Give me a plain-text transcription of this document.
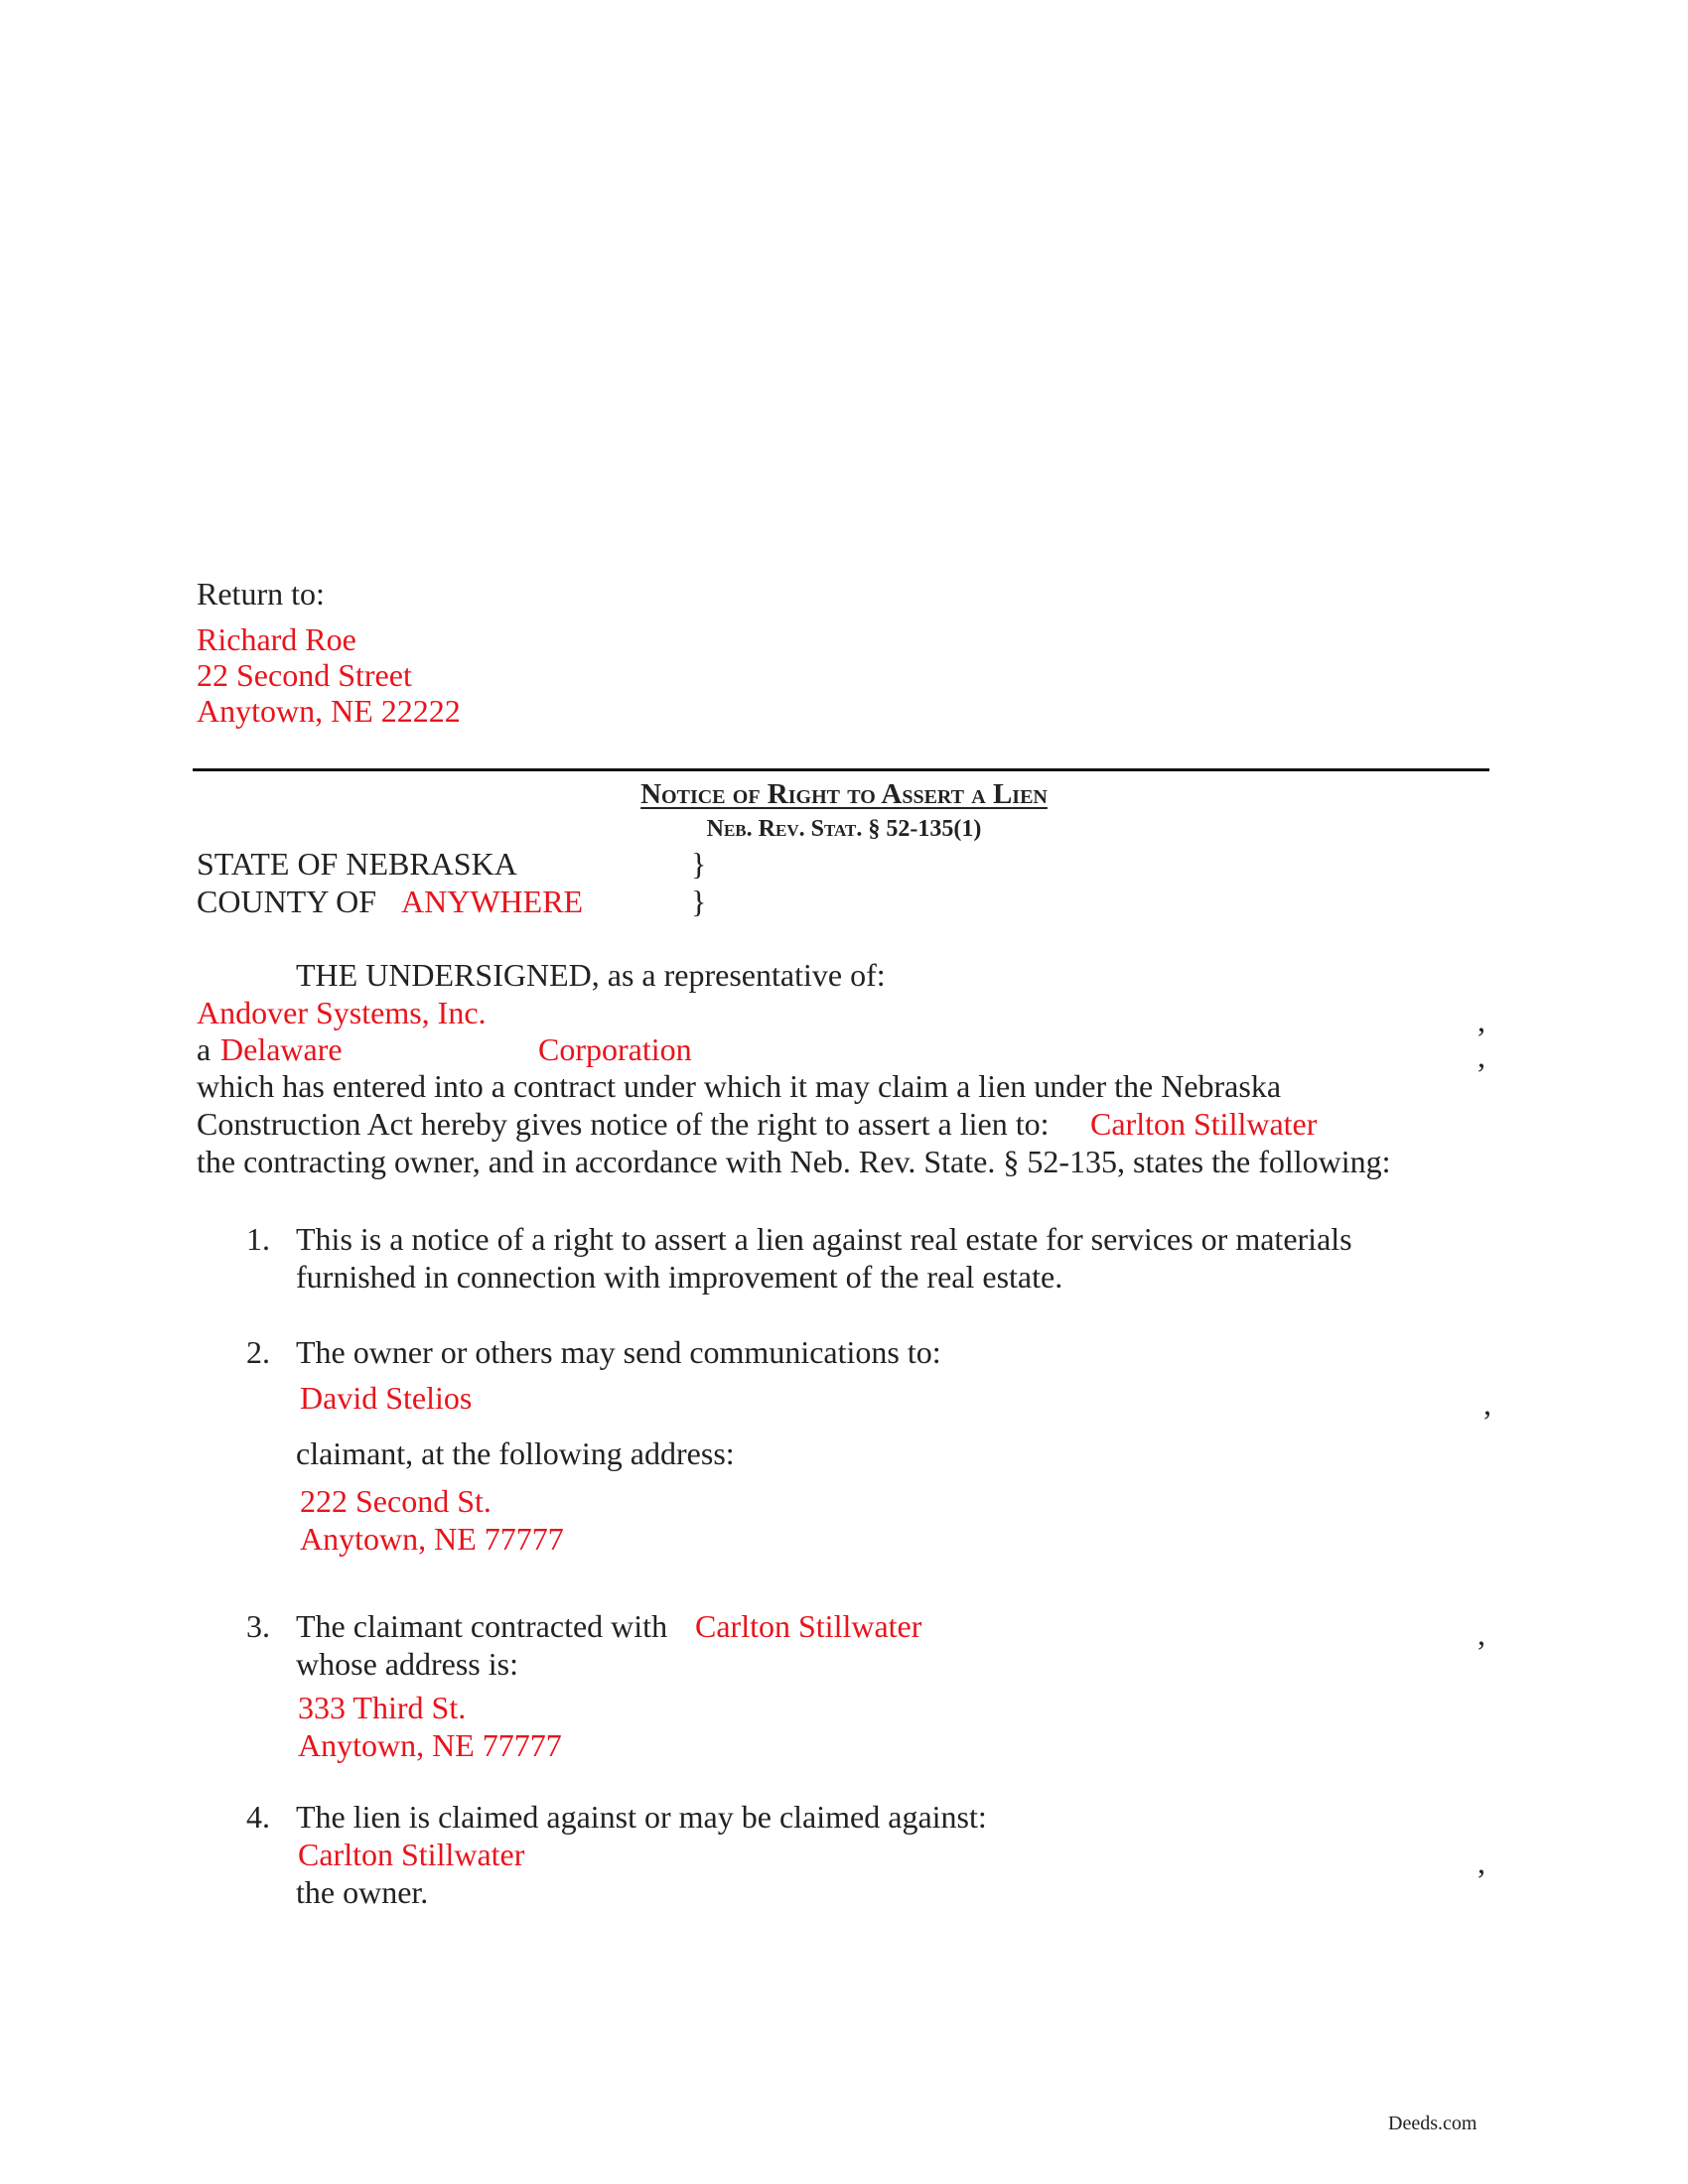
Return to:
Richard Roe
22 Second Street
Anytown, NE 22222
Notice of Right to Assert a Lien
Neb. Rev. Stat. § 52-135(1)
STATE OF NEBRASKA	}
COUNTY OF ANYWHERE	}
THE UNDERSIGNED, as a representative of:
Andover Systems, Inc.	,
a Delaware	Corporation	,
which has entered into a contract under which it may claim a lien under the Nebraska
Construction Act hereby gives notice of the right to assert a lien to: Carlton Stillwater
the contracting owner, and in accordance with Neb. Rev. State. § 52-135, states the following:
1. This is a notice of a right to assert a lien against real estate for services or materials
furnished in connection with improvement of the real estate.
2. The owner or others may send communications to:
David Stelios	,
claimant, at the following address:
222 Second St.
Anytown, NE 77777
3. The claimant contracted with Carlton Stillwater	,
whose address is:
333 Third St.
Anytown, NE 77777
4. The lien is claimed against or may be claimed against:
Carlton Stillwater	,
the owner.
Deeds.com
